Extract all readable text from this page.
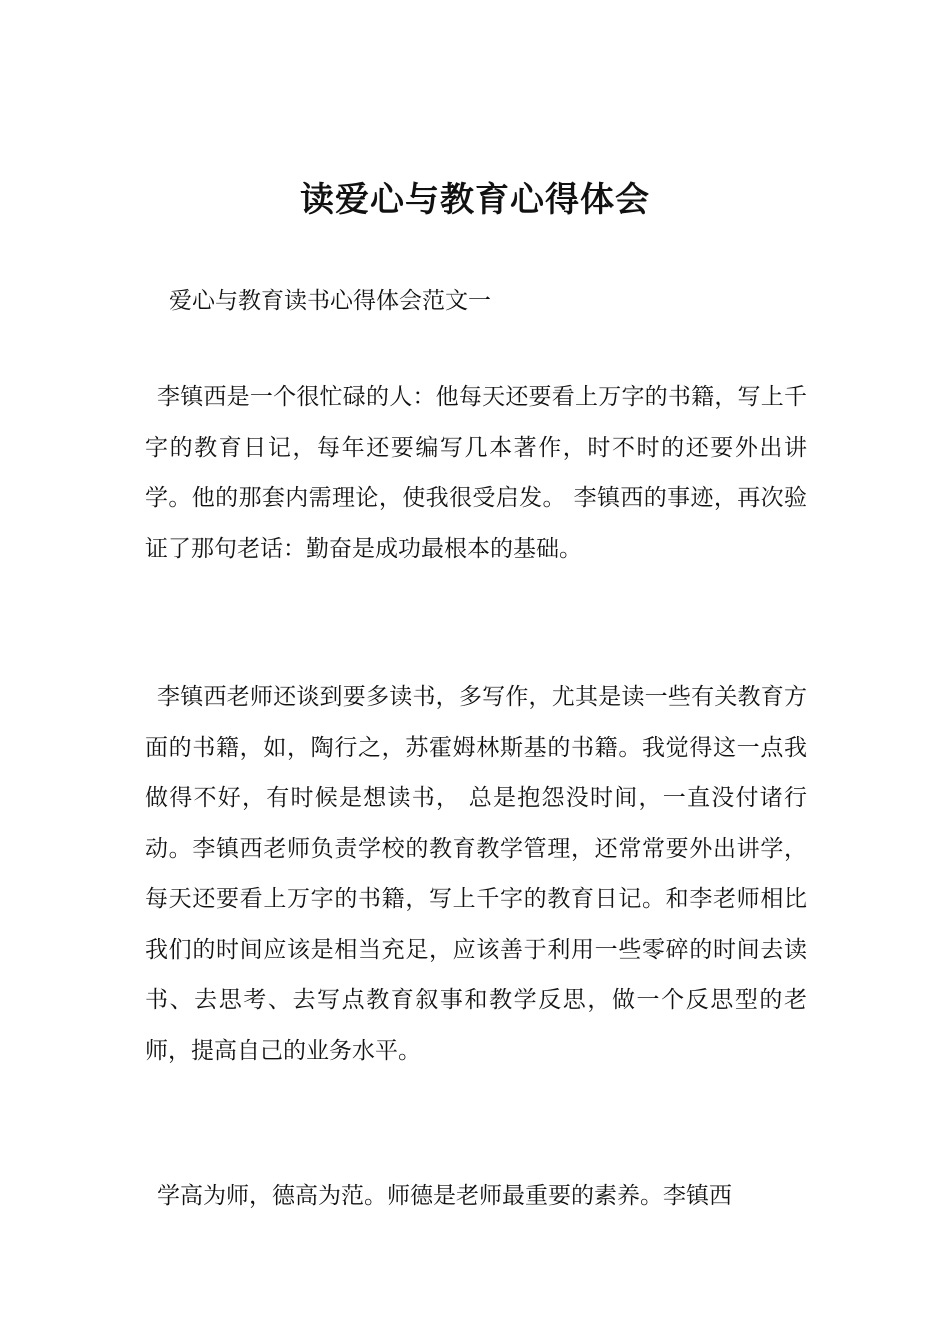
读爱心与教育心得体会
爱心与教育读书心得体会范文一

李镇西是一个很忙碌的人：他每天还要看上万字的书籍，写上千字的教育日记，每年还要编写几本著作，时不时的还要外出讲学。他的那套内需理论，使我很受启发。 李镇西的事迹，再次验证了那句老话：勤奋是成功最根本的基础。

李镇西老师还谈到要多读书，多写作，尤其是读一些有关教育方面的书籍，如，陶行之，苏霍姆林斯基的书籍。我觉得这一点我做得不好，有时候是想读书， 总是抱怨没时间，一直没付诸行动。李镇西老师负责学校的教育教学管理，还常常要外出讲学，每天还要看上万字的书籍，写上千字的教育日记。和李老师相比我们的时间应该是相当充足，应该善于利用一些零碎的时间去读书、去思考、去写点教育叙事和教学反思，做一个反思型的老师，提高自己的业务水平。

学高为师，德高为范。师德是老师最重要的素养。李镇西
